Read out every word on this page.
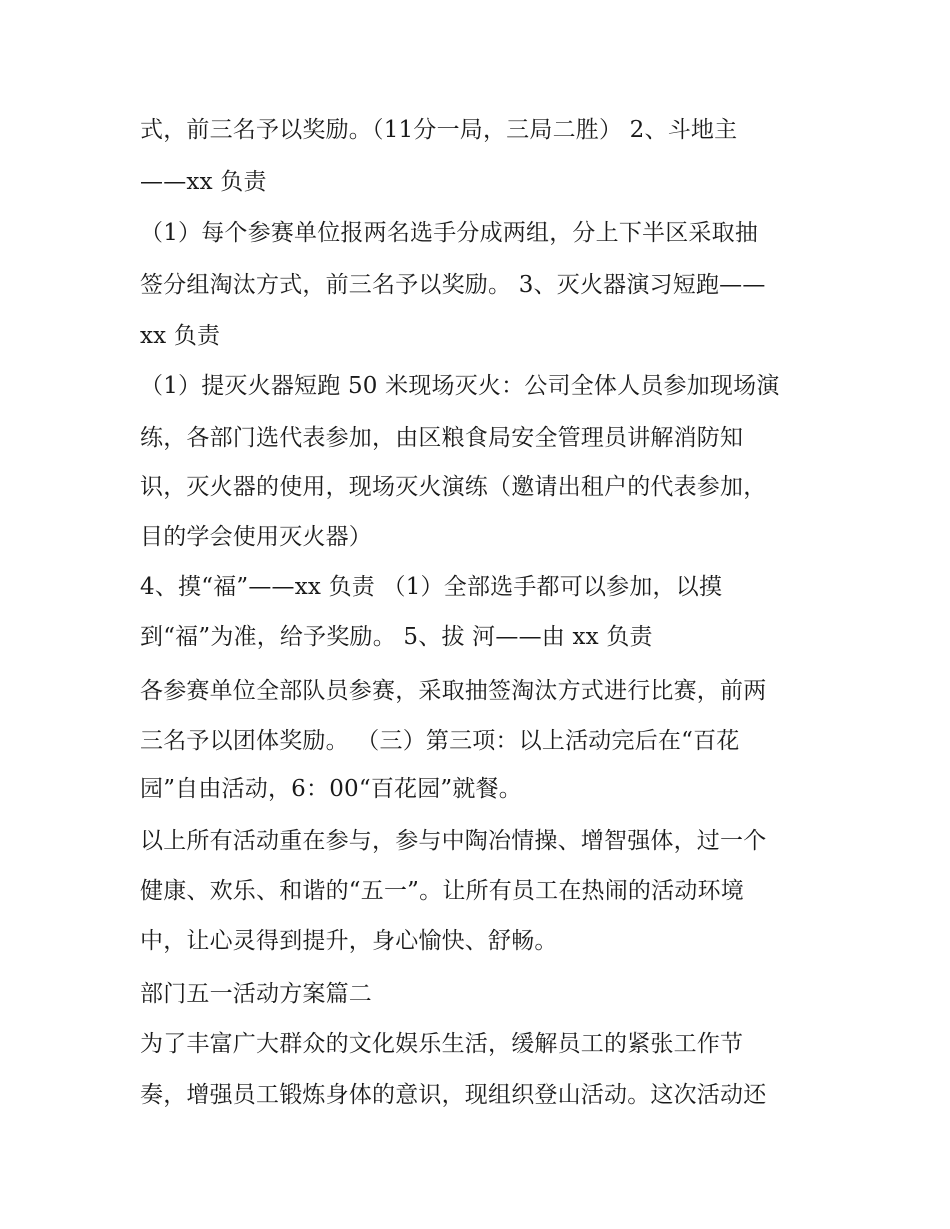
式，前三名予以奖励。（11分一局，三局二胜） 2、斗地主
——xx 负责
（1）每个参赛单位报两名选手分成两组，分上下半区采取抽
签分组淘汰方式，前三名予以奖励。 3、灭火器演习短跑——
xx 负责
（1）提灭火器短跑 50 米现场灭火：公司全体人员参加现场演
练，各部门选代表参加，由区粮食局安全管理员讲解消防知
识，灭火器的使用，现场灭火演练（邀请出租户的代表参加，
目的学会使用灭火器）
4、摸“福”——xx 负责 （1）全部选手都可以参加，以摸
到“福”为准，给予奖励。 5、拔 河——由 xx 负责
各参赛单位全部队员参赛，采取抽签淘汰方式进行比赛，前两
三名予以团体奖励。 （三）第三项：以上活动完后在“百花
园”自由活动，6：00“百花园”就餐。
以上所有活动重在参与，参与中陶冶情操、增智强体，过一个
健康、欢乐、和谐的“五一”。让所有员工在热闹的活动环境
中，让心灵得到提升，身心愉快、舒畅。
部门五一活动方案篇二
为了丰富广大群众的文化娱乐生活，缓解员工的紧张工作节
奏，增强员工锻炼身体的意识，现组织登山活动。这次活动还
